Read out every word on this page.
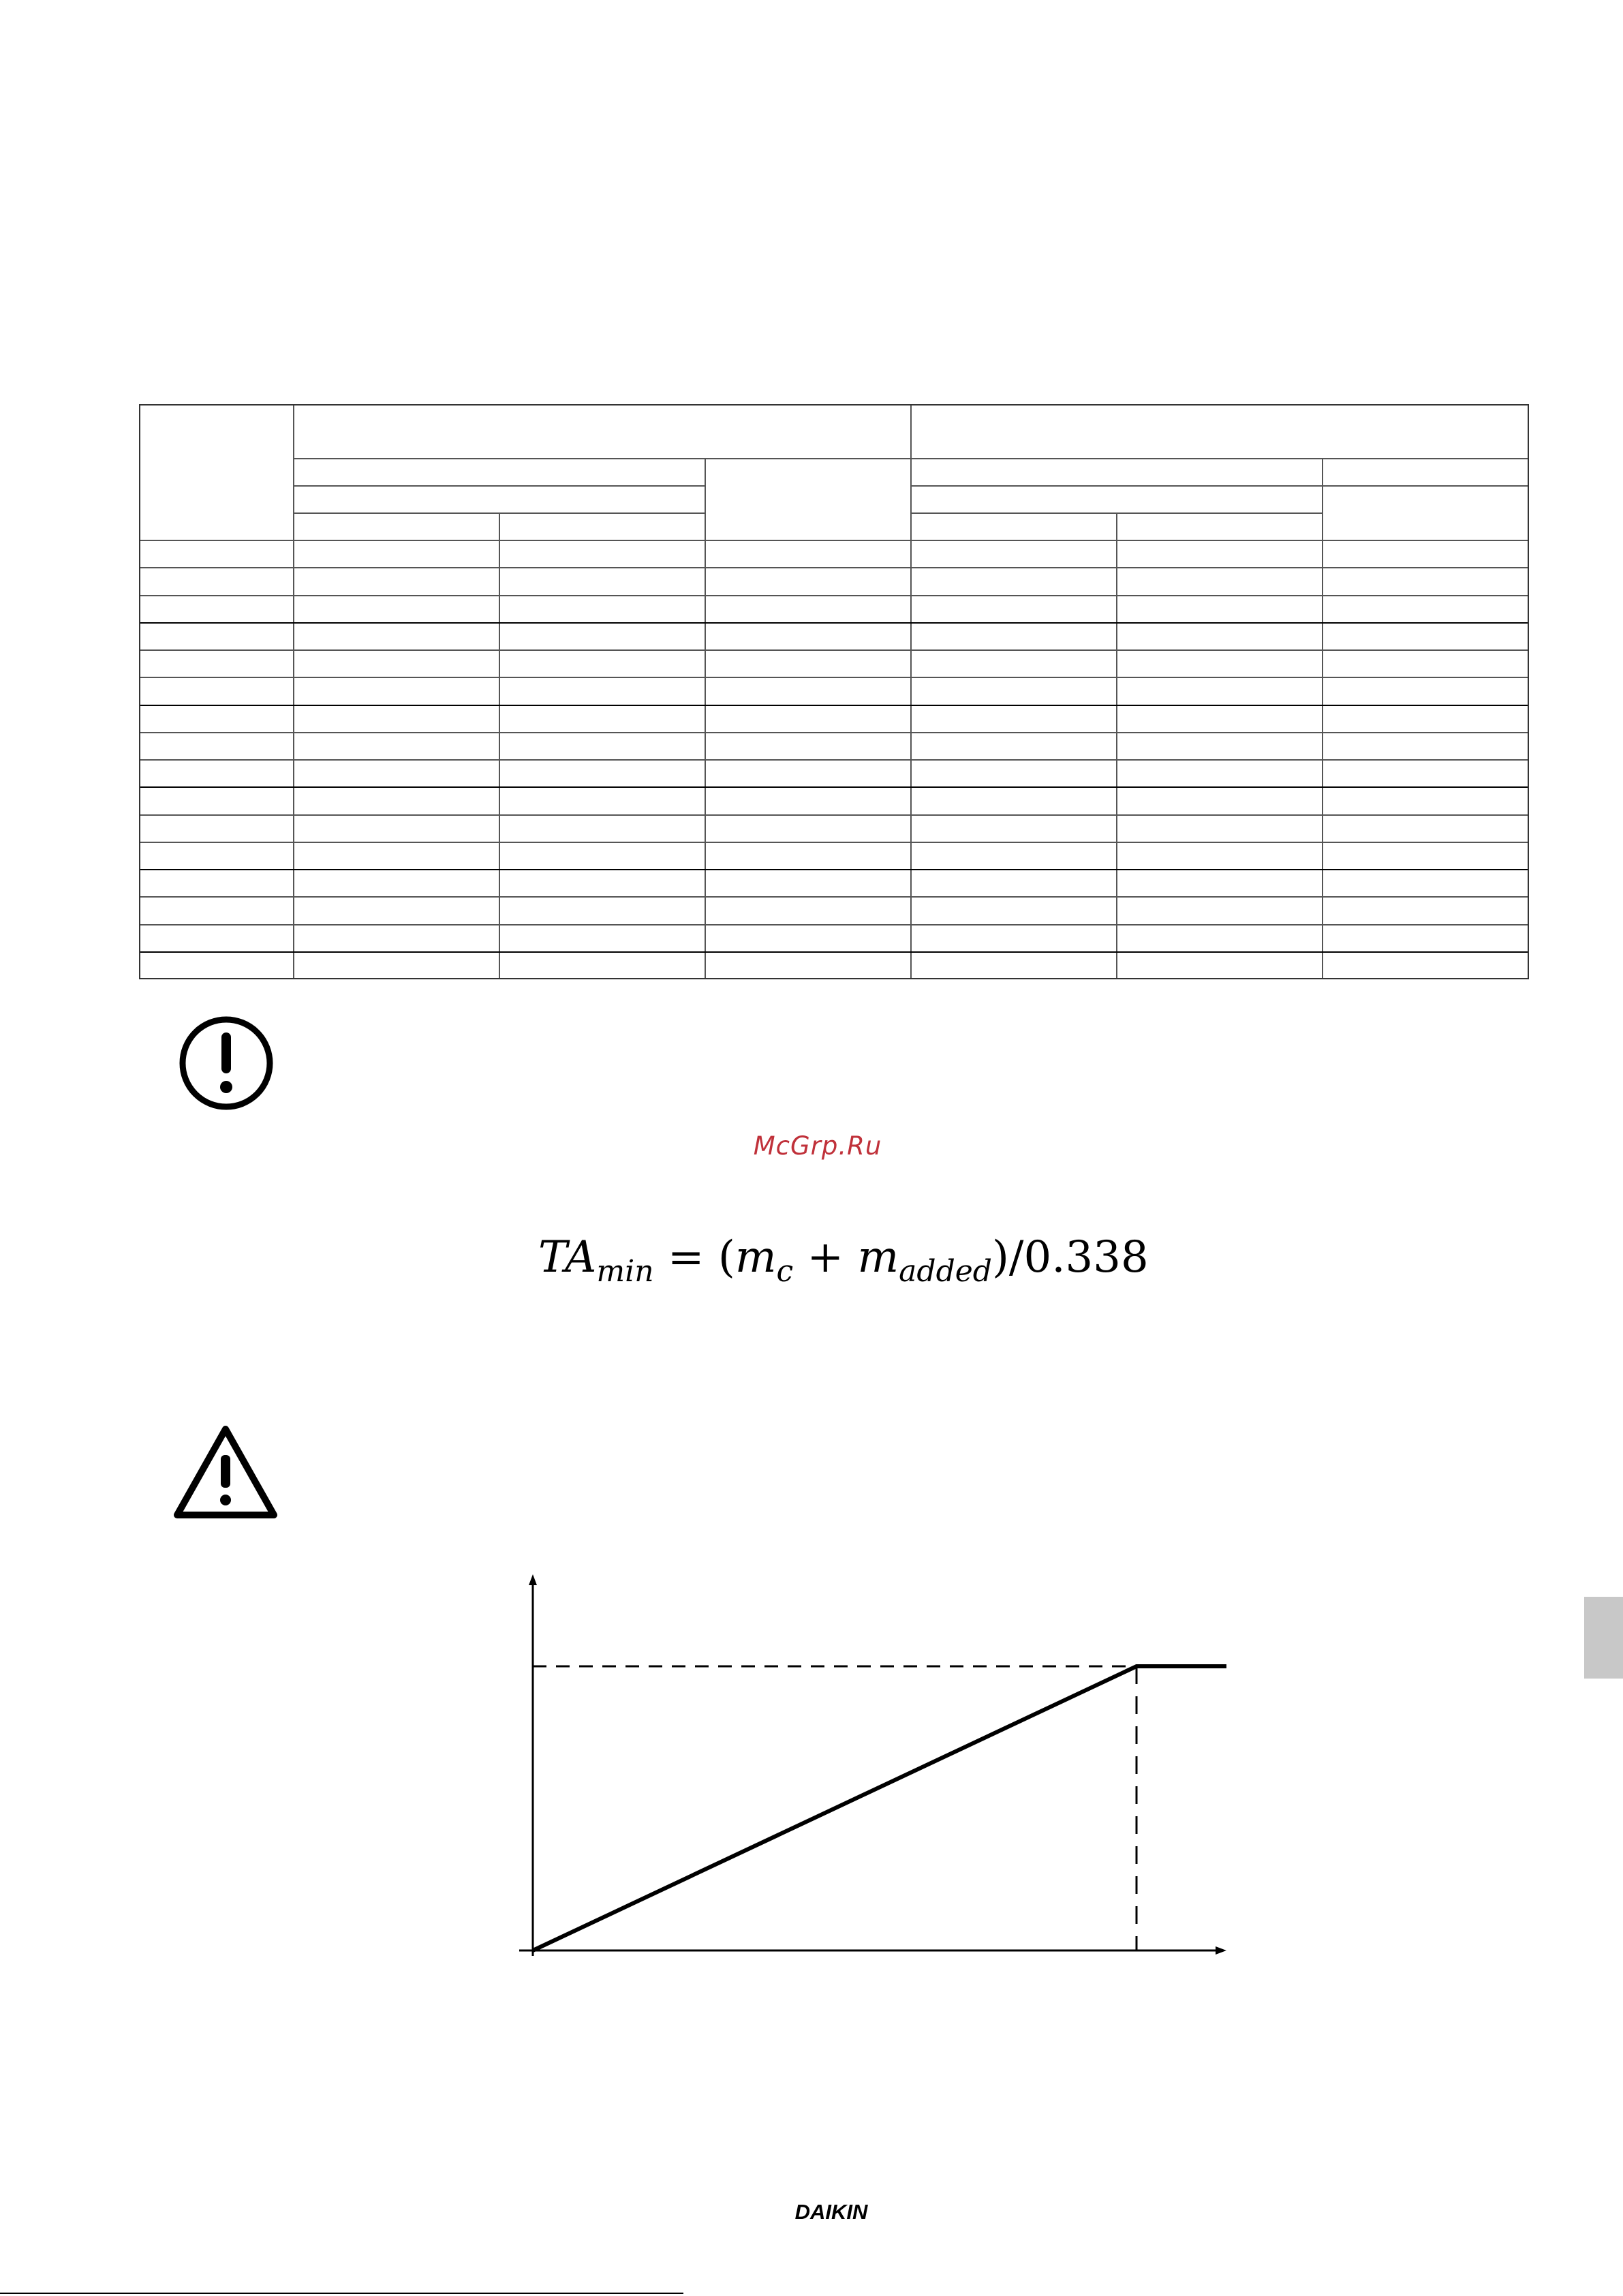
McGrp.Ru
$TA_{min} = (m_c + m_{added})/0.338$
DAIKIN
